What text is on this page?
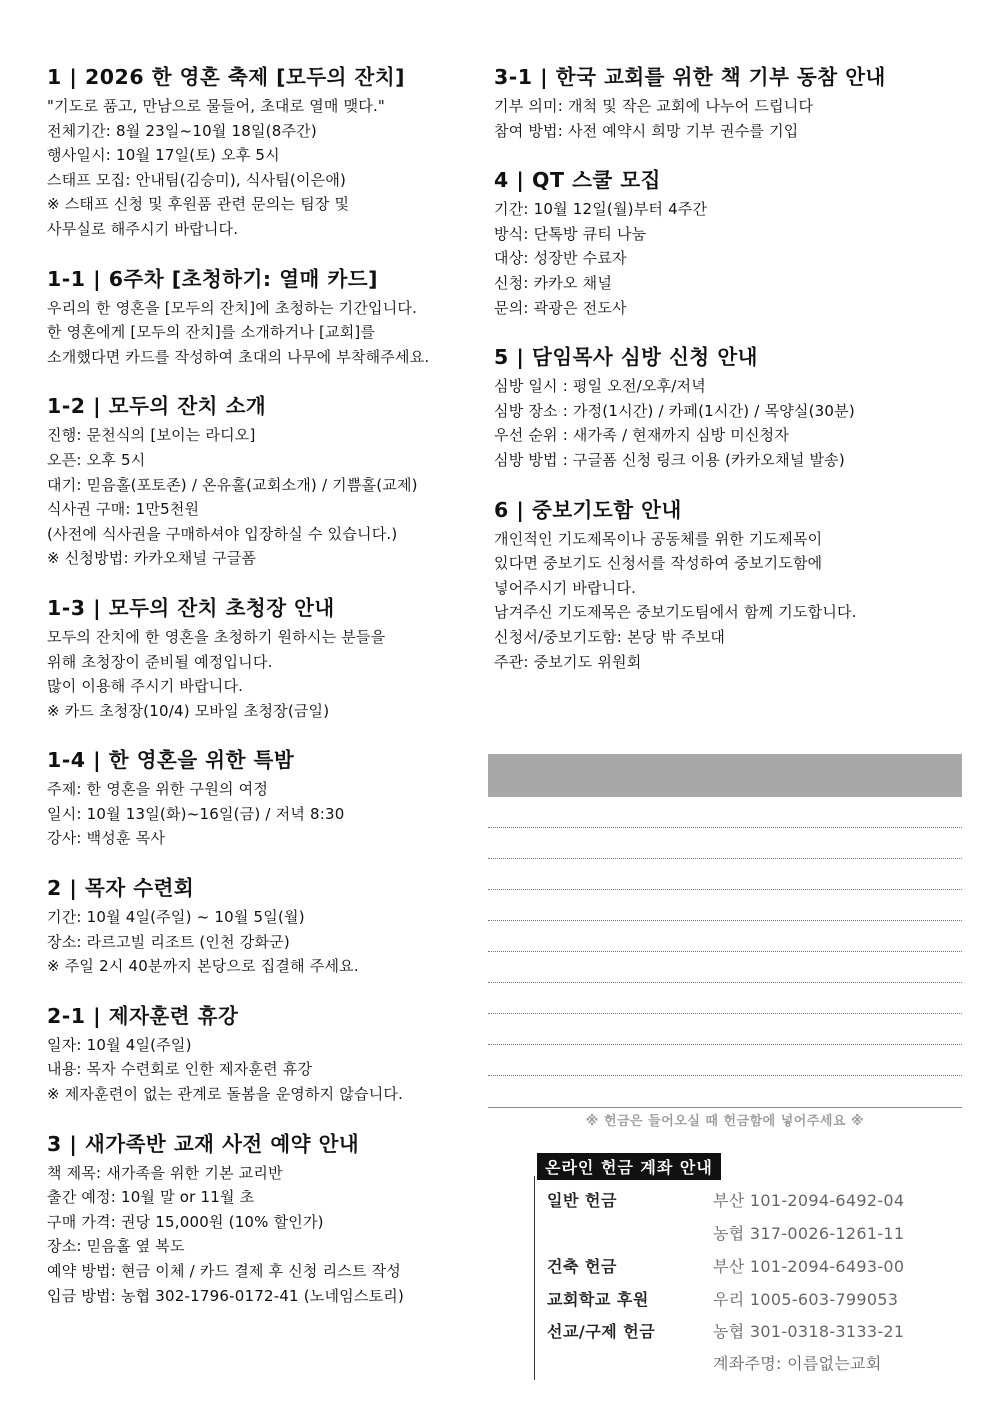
1 | 2026 한 영혼 축제 [모두의 잔치]
"기도로 품고, 만남으로 물들어, 초대로 열매 맺다."
전체기간: 8월 23일~10월 18일(8주간)
행사일시: 10월 17일(토) 오후 5시
스태프 모집: 안내팀(김승미), 식사팀(이은애)
※ 스태프 신청 및 후원품 관련 문의는 팀장 및
사무실로 해주시기 바랍니다.
1-1 | 6주차 [초청하기: 열매 카드]
우리의 한 영혼을 [모두의 잔치]에 초청하는 기간입니다.
한 영혼에게 [모두의 잔치]를 소개하거나 [교회]를
소개했다면 카드를 작성하여 초대의 나무에 부착해주세요.
1-2 | 모두의 잔치 소개
진행: 문천식의 [보이는 라디오]
오픈: 오후 5시
대기: 믿음홀(포토존) / 온유홀(교회소개) / 기쁨홀(교제)
식사권 구매: 1만5천원
(사전에 식사권을 구매하셔야 입장하실 수 있습니다.)
※ 신청방법: 카카오채널 구글폼
1-3 | 모두의 잔치 초청장 안내
모두의 잔치에 한 영혼을 초청하기 원하시는 분들을
위해 초청장이 준비될 예정입니다.
많이 이용해 주시기 바랍니다.
※ 카드 초청장(10/4) 모바일 초청장(금일)
1-4 | 한 영혼을 위한 특밤
주제: 한 영혼을 위한 구원의 여정
일시: 10월 13일(화)~16일(금) / 저녁 8:30
강사: 백성훈 목사
2 | 목자 수련회
기간: 10월 4일(주일) ~ 10월 5일(월)
장소: 라르고빌 리조트 (인천 강화군)
※ 주일 2시 40분까지 본당으로 집결해 주세요.
2-1 | 제자훈련 휴강
일자: 10월 4일(주일)
내용: 목자 수련회로 인한 제자훈련 휴강
※ 제자훈련이 없는 관계로 돌봄을 운영하지 않습니다.
3 | 새가족반 교재 사전 예약 안내
책 제목: 새가족을 위한 기본 교리반
출간 예정: 10월 말 or 11월 초
구매 가격: 권당 15,000원 (10% 할인가)
장소: 믿음홀 옆 복도
예약 방법: 현금 이체 / 카드 결제 후 신청 리스트 작성
입금 방법: 농협 302-1796-0172-41 (노네임스토리)
3-1 | 한국 교회를 위한 책 기부 동참 안내
기부 의미: 개척 및 작은 교회에 나누어 드립니다
참여 방법: 사전 예약시 희망 기부 권수를 기입
4 | QT 스쿨 모집
기간: 10월 12일(월)부터 4주간
방식: 단톡방 큐티 나눔
대상: 성장반 수료자
신청: 카카오 채널
문의: 곽광은 전도사
5 | 담임목사 심방 신청 안내
심방 일시 : 평일 오전/오후/저녁
심방 장소 : 가정(1시간) / 카페(1시간) / 목양실(30분)
우선 순위 : 새가족 / 현재까지 심방 미신청자
심방 방법 : 구글폼 신청 링크 이용 (카카오채널 발송)
6 | 중보기도함 안내
개인적인 기도제목이나 공동체를 위한 기도제목이
있다면 중보기도 신청서를 작성하여 중보기도함에
넣어주시기 바랍니다.
남겨주신 기도제목은 중보기도팀에서 함께 기도합니다.
신청서/중보기도함: 본당 밖 주보대
주관: 중보기도 위원회
※ 헌금은 들어오실 때 헌금함에 넣어주세요 ※
온라인 헌금 계좌 안내
일반 헌금	부산 101-2094-6492-04
농협 317-0026-1261-11
건축 헌금	부산 101-2094-6493-00
교회학교 후원	우리 1005-603-799053
선교/구제 헌금	농협 301-0318-3133-21
계좌주명: 이름없는교회
